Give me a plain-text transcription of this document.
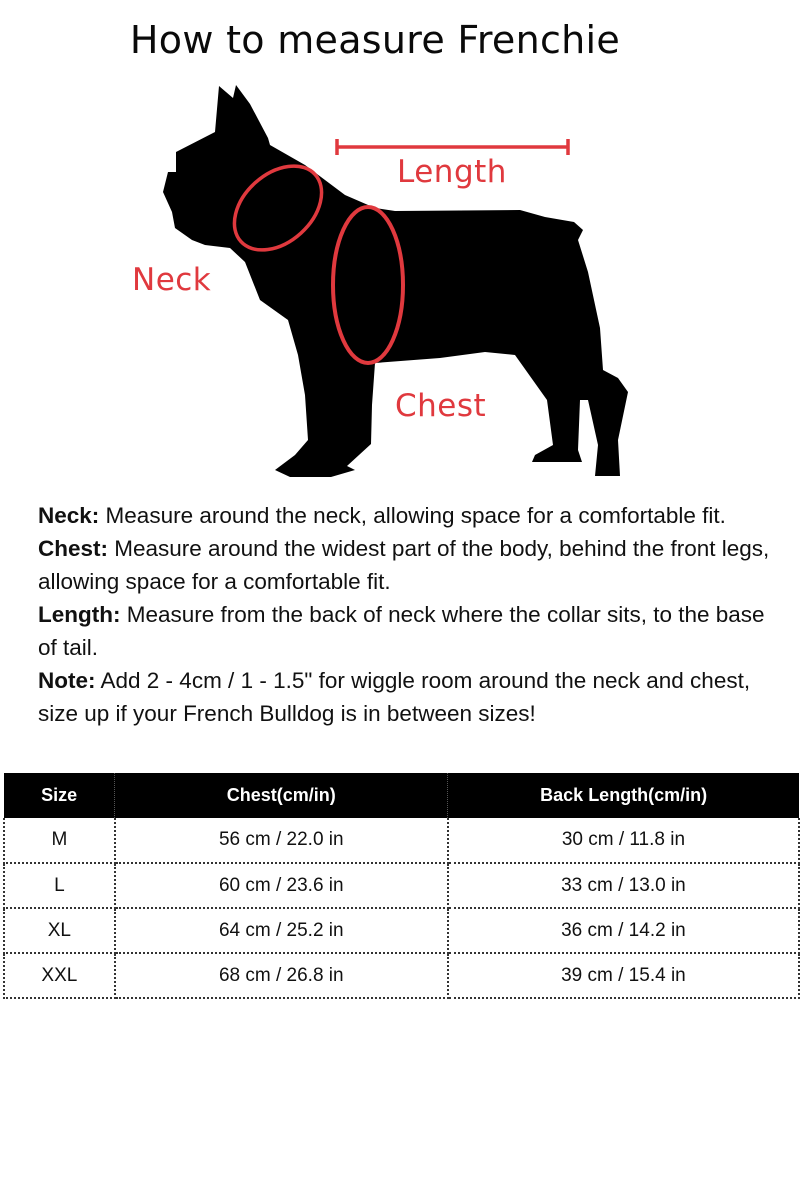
How to measure Frenchie
Length
Neck
Chest

Neck: Measure around the neck, allowing space for a comfortable fit.

Chest: Measure around the widest part of the body, behind the front legs, allowing space for a comfortable fit.

Length: Measure from the back of neck where the collar sits, to the base of tail.

Note: Add 2 - 4cm / 1 - 1.5" for wiggle room around the neck and chest, size up if your French Bulldog is in between sizes!

Size	Chest(cm/in)	Back Length(cm/in)
M	56 cm / 22.0 in	30 cm / 11.8 in
L	60 cm / 23.6 in	33 cm / 13.0 in
XL	64 cm / 25.2 in	36 cm / 14.2 in
XXL	68 cm / 26.8 in	39 cm / 15.4 in
